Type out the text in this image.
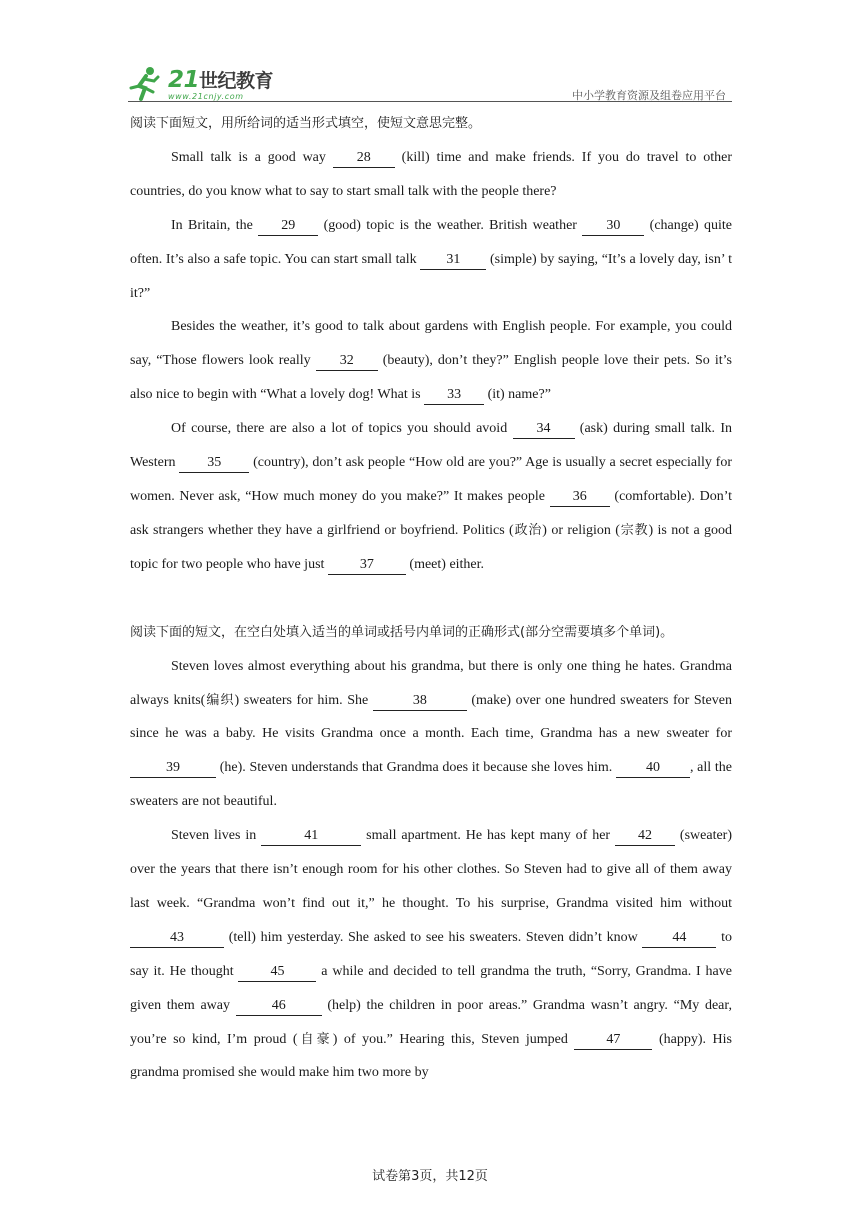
21世纪教育
www.21cnjy.com	中小学教育资源及组卷应用平台

阅读下面短文，用所给词的适当形式填空，使短文意思完整。

Small talk is a good way 28 (kill) time and make friends. If you do travel to other countries, do you know what to say to start small talk with the people there?

In Britain, the 29 (good) topic is the weather. British weather 30 (change) quite often. It’s also a safe topic. You can start small talk 31 (simple) by saying, “It’s a lovely day, isn’ t it?”

Besides the weather, it’s good to talk about gardens with English people. For example, you could say, “Those flowers look really 32 (beauty), don’t they?” English people love their pets. So it’s also nice to begin with “What a lovely dog! What is 33 (it) name?”

Of course, there are also a lot of topics you should avoid 34 (ask) during small talk. In Western 35 (country), don’t ask people “How old are you?” Age is usually a secret especially for women. Never ask, “How much money do you make?” It makes people 36 (comfortable). Don’t ask strangers whether they have a girlfriend or boyfriend. Politics (政治) or religion (宗教) is not a good topic for two people who have just 37 (meet) either.

阅读下面的短文，在空白处填入适当的单词或括号内单词的正确形式(部分空需要填多个单词)。

Steven loves almost everything about his grandma, but there is only one thing he hates. Grandma always knits(编织) sweaters for him. She	38	(make) over one hundred sweaters for Steven since he was a baby. He visits Grandma once a month. Each time, Grandma has a new sweater for 39	(he). Steven understands that Grandma does it because she loves him. 40 , all the sweaters are not beautiful.

Steven lives in	41	small apartment. He has kept many of her 42 (sweater) over the years that there isn’t enough room for his other clothes. So Steven had to give all of them away last week. “Grandma won’t find out it,” he thought. To his surprise, Grandma visited him without 43	(tell) him yesterday. She asked to see his sweaters. Steven didn’t know 44 to say it. He thought 45 a while and decided to tell grandma the truth, “Sorry, Grandma. I have given them away	46	(help) the children in poor areas.” Grandma wasn’t angry. “My dear, you’re so kind, I’m proud (自豪) of you.” Hearing this, Steven jumped 47 (happy). His grandma promised she would make him two more by

试卷第3页，共12页
